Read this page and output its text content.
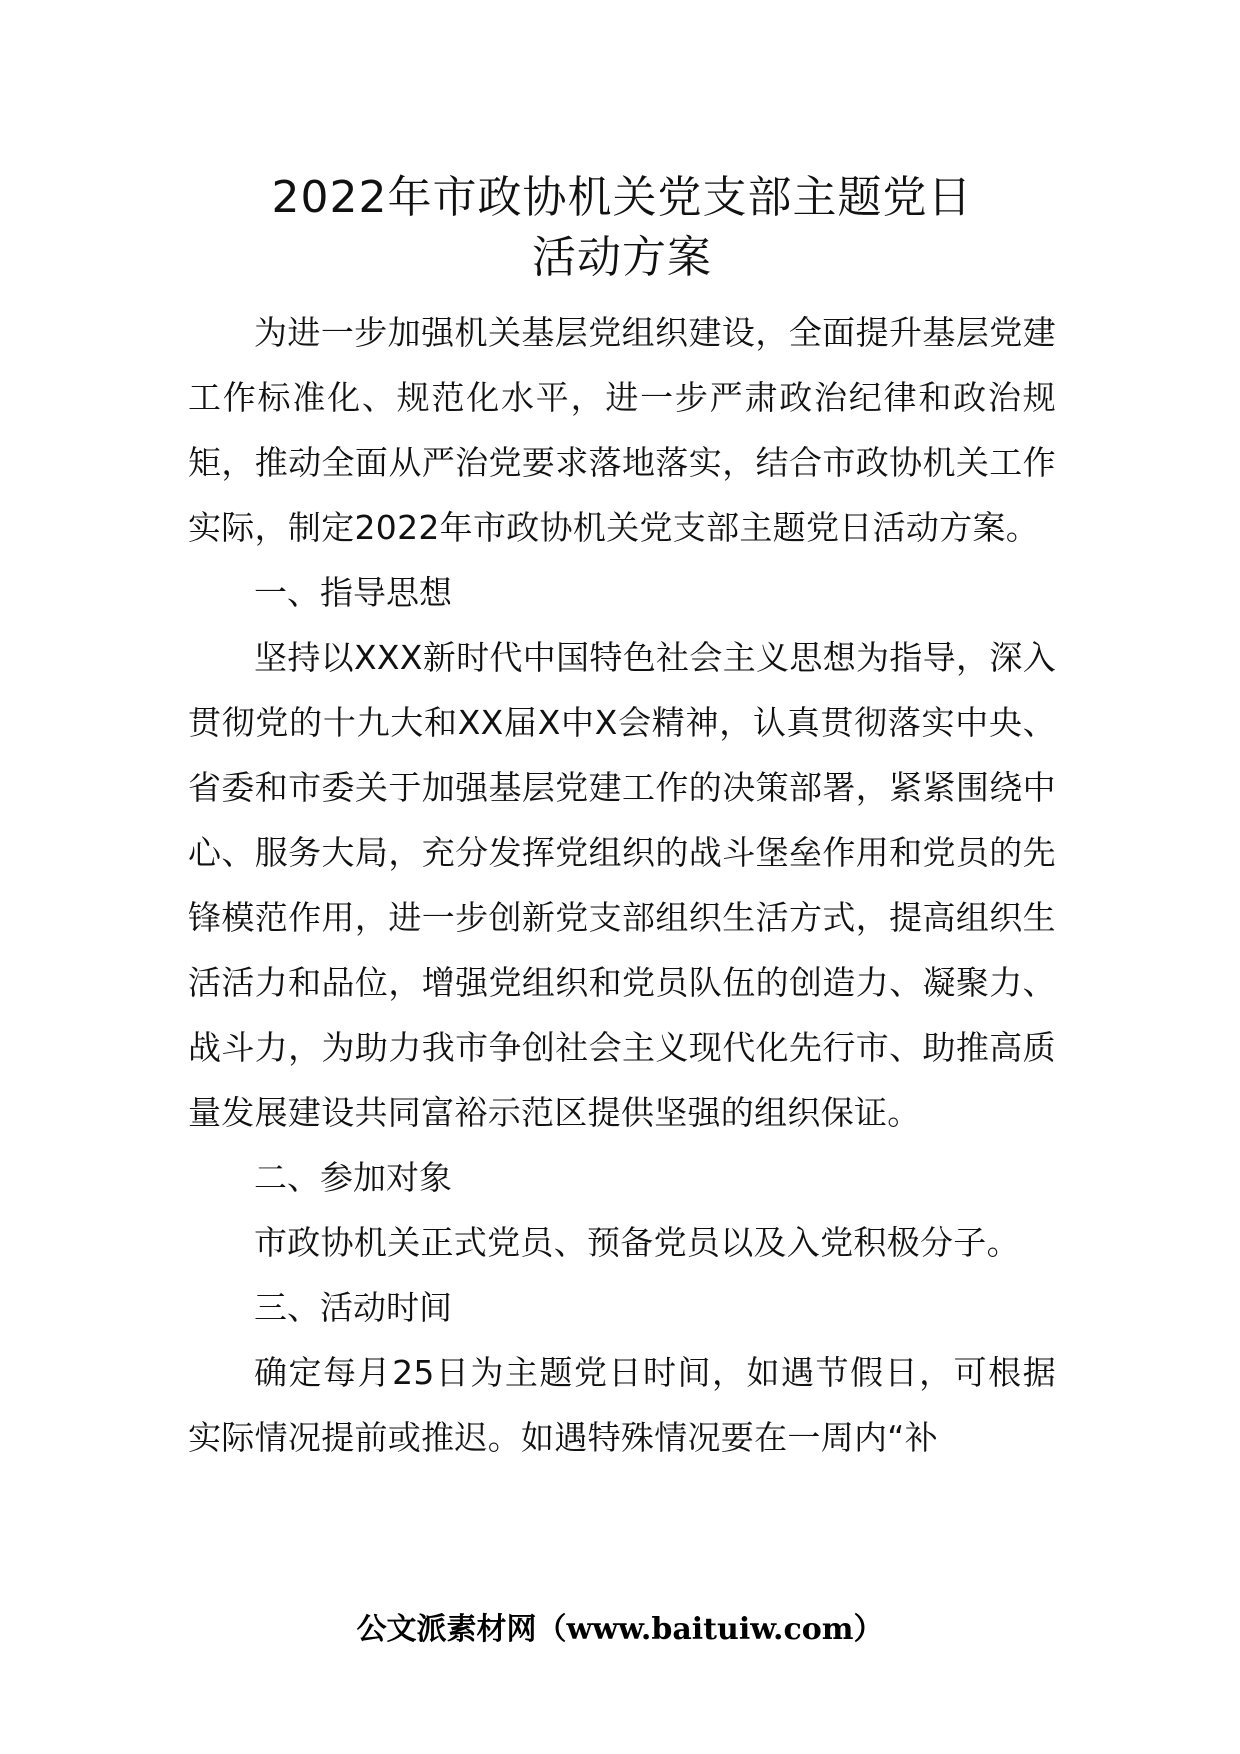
2022年市政协机关党支部主题党日
活动方案

为进一步加强机关基层党组织建设，全面提升基层党建工作标准化、规范化水平，进一步严肃政治纪律和政治规矩，推动全面从严治党要求落地落实，结合市政协机关工作实际，制定2022年市政协机关党支部主题党日活动方案。

一、指导思想

坚持以XXX新时代中国特色社会主义思想为指导，深入贯彻党的十九大和XX届X中X会精神，认真贯彻落实中央、省委和市委关于加强基层党建工作的决策部署，紧紧围绕中心、服务大局，充分发挥党组织的战斗堡垒作用和党员的先锋模范作用，进一步创新党支部组织生活方式，提高组织生活活力和品位，增强党组织和党员队伍的创造力、凝聚力、战斗力，为助力我市争创社会主义现代化先行市、助推高质量发展建设共同富裕示范区提供坚强的组织保证。

二、参加对象

市政协机关正式党员、预备党员以及入党积极分子。

三、活动时间

确定每月25日为主题党日时间，如遇节假日，可根据实际情况提前或推迟。如遇特殊情况要在一周内“补

公文派素材网（www.baituiw.com）
